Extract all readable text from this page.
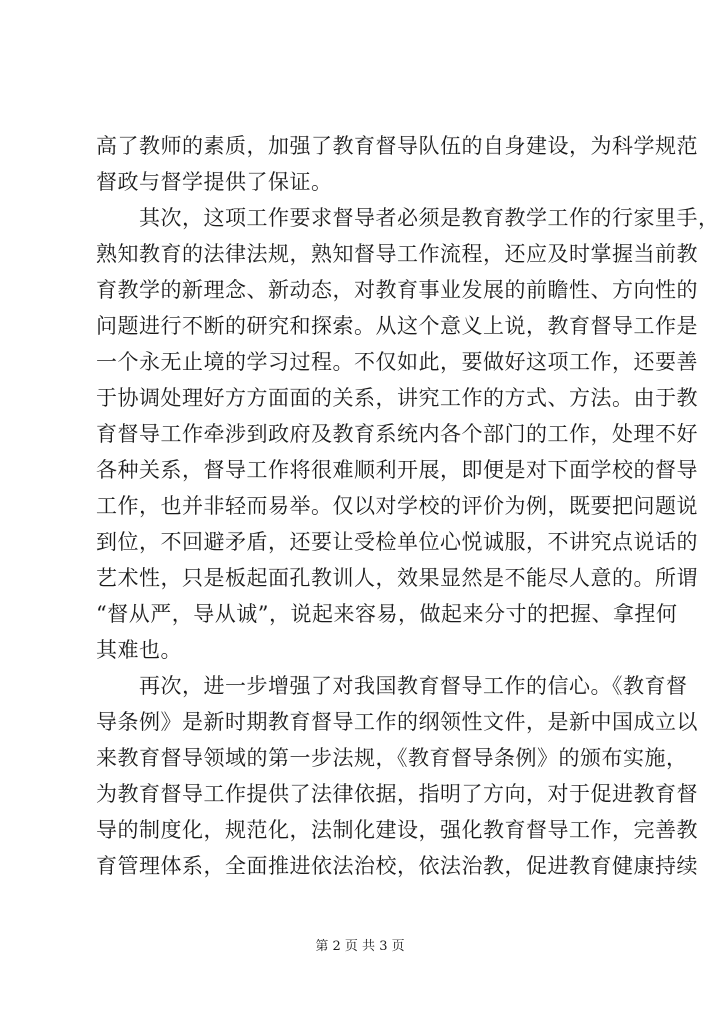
高了教师的素质，加强了教育督导队伍的自身建设，为科学规范
督政与督学提供了保证。
　　其次，这项工作要求督导者必须是教育教学工作的行家里手，
熟知教育的法律法规，熟知督导工作流程，还应及时掌握当前教
育教学的新理念、新动态，对教育事业发展的前瞻性、方向性的
问题进行不断的研究和探索。从这个意义上说，教育督导工作是
一个永无止境的学习过程。不仅如此，要做好这项工作，还要善
于协调处理好方方面面的关系，讲究工作的方式、方法。由于教
育督导工作牵涉到政府及教育系统内各个部门的工作，处理不好
各种关系，督导工作将很难顺利开展，即便是对下面学校的督导
工作，也并非轻而易举。仅以对学校的评价为例，既要把问题说
到位，不回避矛盾，还要让受检单位心悦诚服，不讲究点说话的
艺术性，只是板起面孔教训人，效果显然是不能尽人意的。所谓
“督从严，导从诚”，说起来容易，做起来分寸的把握、拿捏何
其难也。
　　再次，进一步增强了对我国教育督导工作的信心。《教育督
导条例》是新时期教育督导工作的纲领性文件，是新中国成立以
来教育督导领域的第一步法规，《教育督导条例》的颁布实施，
为教育督导工作提供了法律依据，指明了方向，对于促进教育督
导的制度化，规范化，法制化建设，强化教育督导工作，完善教
育管理体系，全面推进依法治校，依法治教，促进教育健康持续
第 2 页 共 3 页
